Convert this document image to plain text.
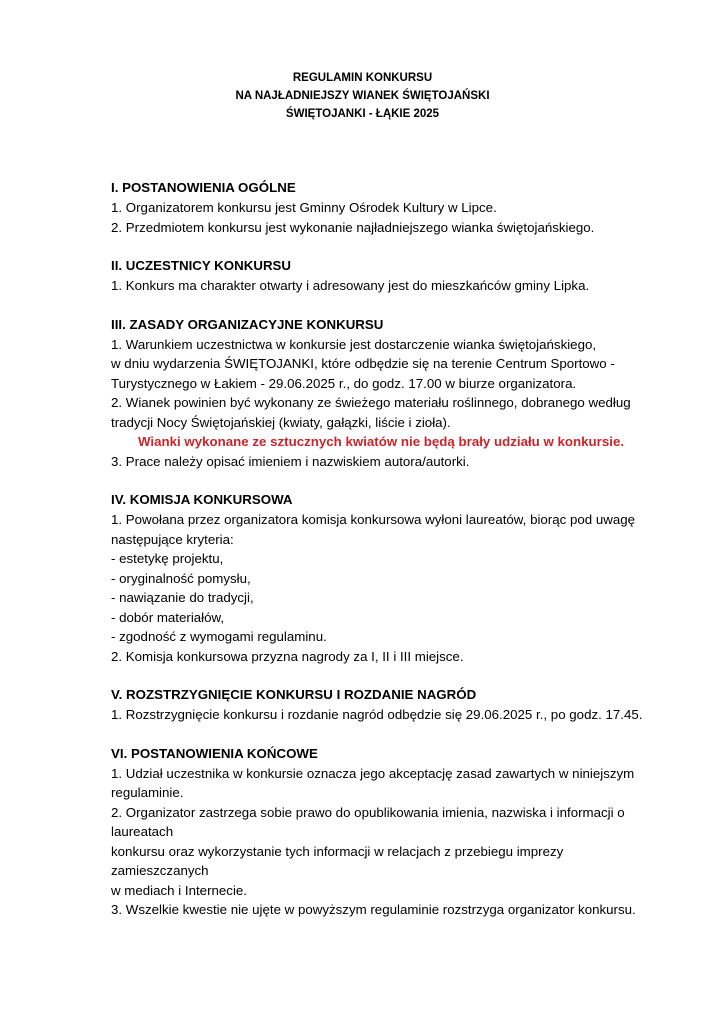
REGULAMIN KONKURSU
NA NAJŁADNIEJSZY WIANEK ŚWIĘTOJAŃSKI
ŚWIĘTOJANKI - ŁĄKIE 2025
I. POSTANOWIENIA OGÓLNE
1. Organizatorem konkursu jest Gminny Ośrodek Kultury w Lipce.
2. Przedmiotem konkursu jest wykonanie najładniejszego wianka świętojańskiego.
II. UCZESTNICY KONKURSU
1. Konkurs ma charakter otwarty i adresowany jest do mieszkańców gminy Lipka.
III. ZASADY ORGANIZACYJNE KONKURSU
1. Warunkiem uczestnictwa w konkursie jest dostarczenie wianka świętojańskiego,
w dniu wydarzenia ŚWIĘTOJANKI, które odbędzie się na terenie Centrum Sportowo -
Turystycznego w Łakiem - 29.06.2025 r., do godz. 17.00 w biurze organizatora.
2. Wianek powinien być wykonany ze świeżego materiału roślinnego, dobranego według
tradycji Nocy Świętojańskiej (kwiaty, gałązki, liście i zioła).
Wianki wykonane ze sztucznych kwiatów nie będą brały udziału w konkursie.
3. Prace należy opisać imieniem i nazwiskiem autora/autorki.
IV. KOMISJA KONKURSOWA
1. Powołana przez organizatora komisja konkursowa wyłoni laureatów, biorąc pod uwagę
następujące kryteria:
- estetykę projektu,
- oryginalność pomysłu,
- nawiązanie do tradycji,
- dobór materiałów,
- zgodność z wymogami regulaminu.
2. Komisja konkursowa przyzna nagrody za I, II i III miejsce.
V. ROZSTRZYGNIĘCIE KONKURSU I ROZDANIE NAGRÓD
1. Rozstrzygnięcie konkursu i rozdanie nagród odbędzie się 29.06.2025 r., po godz. 17.45.
VI. POSTANOWIENIA KOŃCOWE
1. Udział uczestnika w konkursie oznacza jego akceptację zasad zawartych w niniejszym
regulaminie.
2. Organizator zastrzega sobie prawo do opublikowania imienia, nazwiska i informacji o
laureatach
konkursu oraz wykorzystanie tych informacji w relacjach z przebiegu imprezy
zamieszczanych
w mediach i Internecie.
3. Wszelkie kwestie nie ujęte w powyższym regulaminie rozstrzyga organizator konkursu.
